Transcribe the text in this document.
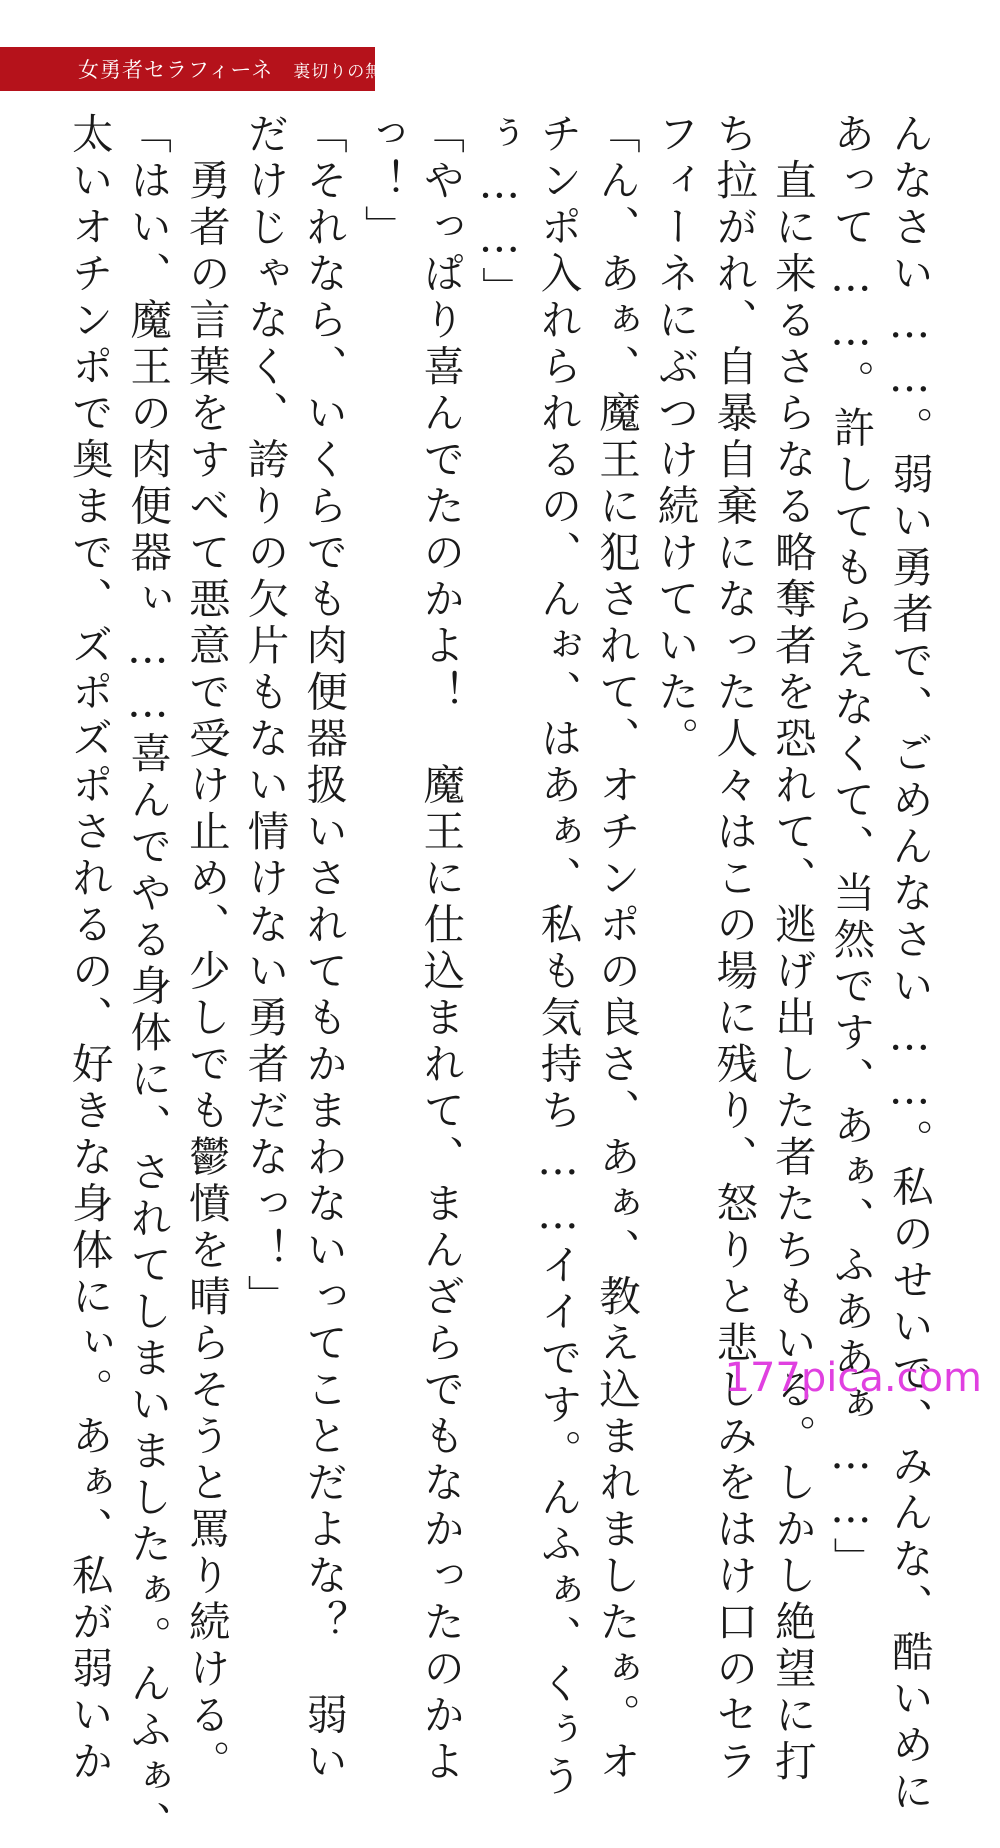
女勇者セラフィーネ 裏切りの無惨劇
んなさい……。弱い勇者で、ごめんなさい……。私のせいで、みんな、酷いめに
あって……。許してもらえなくて、当然です、あぁ、ふああぁ……」
　直に来るさらなる略奪者を恐れて、逃げ出した者たちもいる。しかし絶望に打
ち拉がれ、自暴自棄になった人々はこの場に残り、怒りと悲しみをはけ口のセラ
フィーネにぶつけ続けていた。
「ん、あぁ、魔王に犯されて、オチンポの良さ、あぁ、教え込まれましたぁ。オ
チンポ入れられるの、んぉ、はあぁ、私も気持ち……イイです。んふぁ、くぅう
ぅ……」
「やっぱり喜んでたのかよ！　魔王に仕込まれて、まんざらでもなかったのかよ
っ！」
「それなら、いくらでも肉便器扱いされてもかまわないってことだよな？　弱い
だけじゃなく、誇りの欠片もない情けない勇者だなっ！」
　勇者の言葉をすべて悪意で受け止め、少しでも鬱憤を晴らそうと罵り続ける。
「はい、魔王の肉便器ぃ……喜んでやる身体に、されてしまいましたぁ。んふぁ、
太いオチンポで奥まで、ズポズポされるの、好きな身体にぃ。あぁ、私が弱いか	177pica.com
